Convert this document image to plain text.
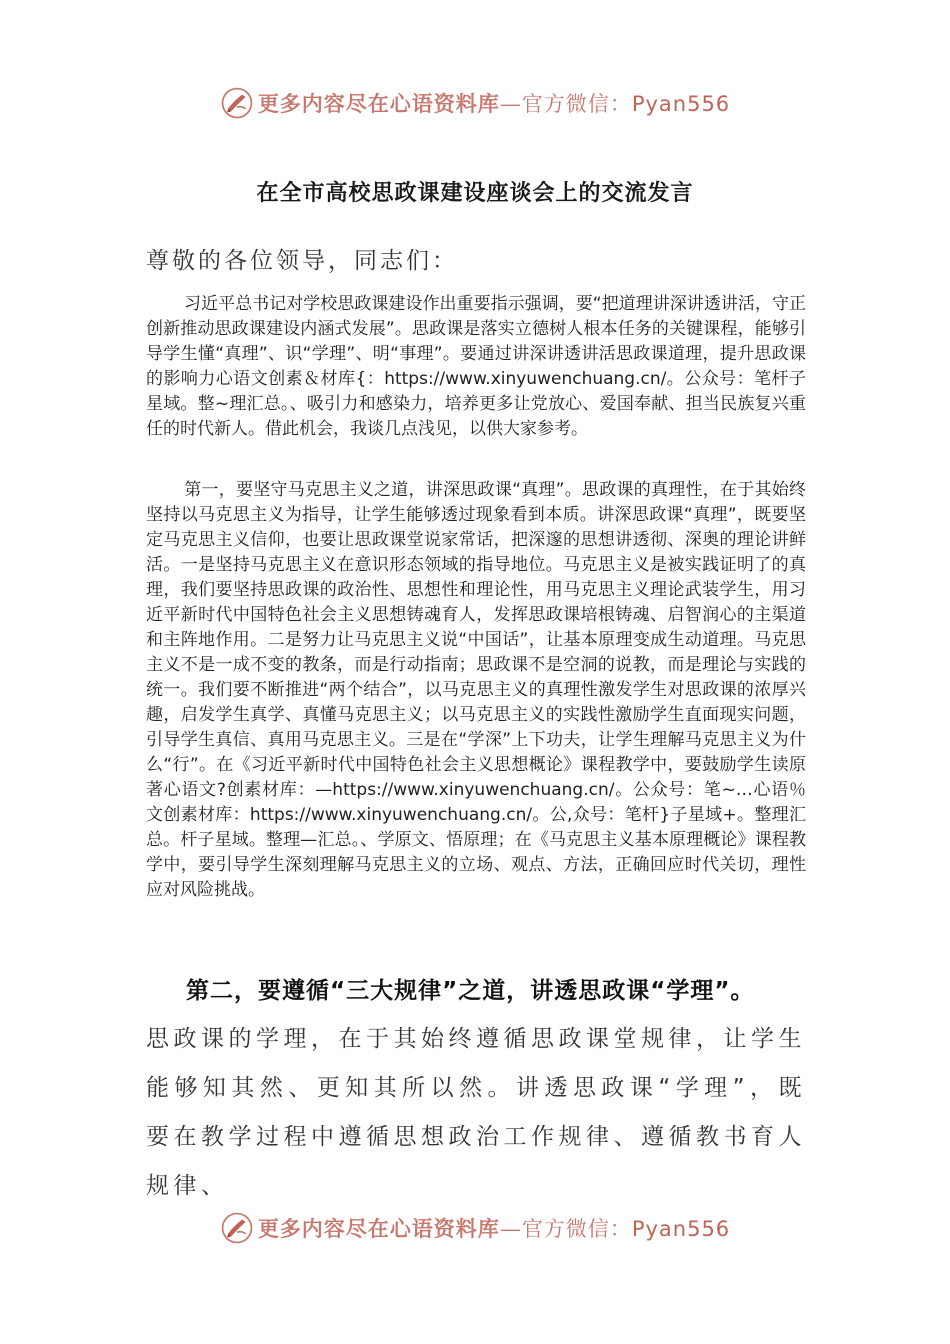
更多内容尽在心语资料库—官方微信：Pyan556
在全市高校思政课建设座谈会上的交流发言
尊敬的各位领导，同志们：
习近平总书记对学校思政课建设作出重要指示强调，要“把道理讲深讲透讲活，守正创新推动思政课建设内涵式发展”。思政课是落实立德树人根本任务的关键课程，能够引导学生懂“真理”、识“学理”、明“事理”。要通过讲深讲透讲活思政课道理，提升思政课的影响力心语文创素＆材库{：https://www.xinyuwenchuang.cn/。公众号：笔杆子星域。整~理汇总。、吸引力和感染力，培养更多让党放心、爱国奉献、担当民族复兴重任的时代新人。借此机会，我谈几点浅见，以供大家参考。
第一，要坚守马克思主义之道，讲深思政课“真理”。思政课的真理性，在于其始终坚持以马克思主义为指导，让学生能够透过现象看到本质。讲深思政课“真理”，既要坚定马克思主义信仰，也要让思政课堂说家常话，把深邃的思想讲透彻、深奥的理论讲鲜活。一是坚持马克思主义在意识形态领域的指导地位。马克思主义是被实践证明了的真理，我们要坚持思政课的政治性、思想性和理论性，用马克思主义理论武装学生，用习近平新时代中国特色社会主义思想铸魂育人，发挥思政课培根铸魂、启智润心的主渠道和主阵地作用。二是努力让马克思主义说“中国话”，让基本原理变成生动道理。马克思主义不是一成不变的教条，而是行动指南；思政课不是空洞的说教，而是理论与实践的统一。我们要不断推进“两个结合”，以马克思主义的真理性激发学生对思政课的浓厚兴趣，启发学生真学、真懂马克思主义；以马克思主义的实践性激励学生直面现实问题，引导学生真信、真用马克思主义。三是在“学深”上下功夫，让学生理解马克思主义为什么“行”。在《习近平新时代中国特色社会主义思想概论》课程教学中，要鼓励学生读原著心语文?创素材库：—https://www.xinyuwenchuang.cn/。公众号：笔~…心语％文创素材库：https://www.xinyuwenchuang.cn/。公,众号：笔杆}子星域+。整理汇总。杆子星域。整理—汇总。、学原文、悟原理；在《马克思主义基本原理概论》课程教学中，要引导学生深刻理解马克思主义的立场、观点、方法，正确回应时代关切，理性应对风险挑战。
第二，要遵循“三大规律”之道，讲透思政课“学理”。
思政课的学理，在于其始终遵循思政课堂规律，让学生能够知其然、更知其所以然。讲透思政课“学理”，既要在教学过程中遵循思想政治工作规律、遵循教书育人规律、
更多内容尽在心语资料库—官方微信：Pyan556
